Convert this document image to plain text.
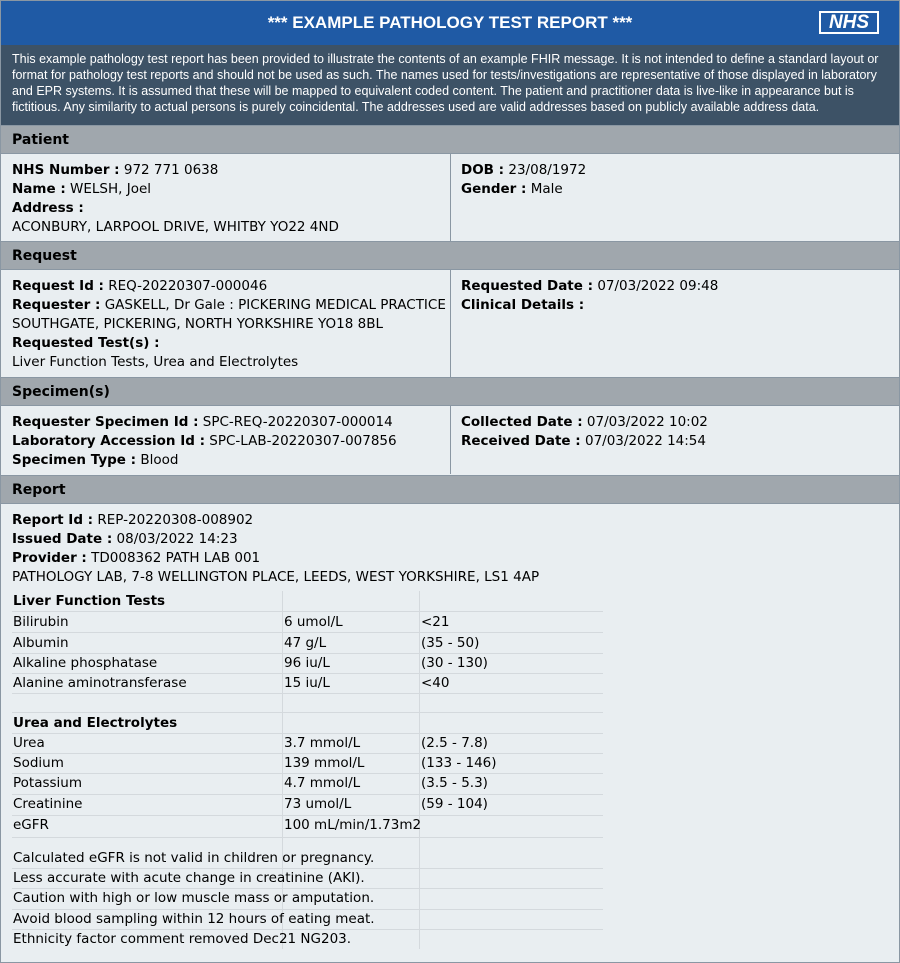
*** EXAMPLE PATHOLOGY TEST REPORT ***	NHS
This example pathology test report has been provided to illustrate the contents of an example FHIR message. It is not intended to define a standard layout or format for pathology test reports and should not be used as such. The names used for tests/investigations are representative of those displayed in laboratory and EPR systems. It is assumed that these will be mapped to equivalent coded content. The patient and practitioner data is live-like in appearance but is fictitious. Any similarity to actual persons is purely coincidental. The addresses used are valid addresses based on publicly available address data.
Patient
NHS Number : 972 771 0638
Name : WELSH, Joel
Address :
ACONBURY, LARPOOL DRIVE, WHITBY YO22 4ND
DOB : 23/08/1972
Gender : Male
Request
Request Id : REQ-20220307-000046
Requester : GASKELL, Dr Gale : PICKERING MEDICAL PRACTICE
SOUTHGATE, PICKERING, NORTH YORKSHIRE YO18 8BL
Requested Test(s) :
Liver Function Tests, Urea and Electrolytes
Requested Date : 07/03/2022 09:48
Clinical Details :
Specimen(s)
Requester Specimen Id : SPC-REQ-20220307-000014
Laboratory Accession Id : SPC-LAB-20220307-007856
Specimen Type : Blood
Collected Date : 07/03/2022 10:02
Received Date : 07/03/2022 14:54
Report
Report Id : REP-20220308-008902
Issued Date : 08/03/2022 14:23
Provider : TD008362 PATH LAB 001
PATHOLOGY LAB, 7-8 WELLINGTON PLACE, LEEDS, WEST YORKSHIRE, LS1 4AP
Liver Function Tests
Bilirubin	6 umol/L	<21
Albumin	47 g/L	(35 - 50)
Alkaline phosphatase	96 iu/L	(30 - 130)
Alanine aminotransferase	15 iu/L	<40
Urea and Electrolytes
Urea	3.7 mmol/L	(2.5 - 7.8)
Sodium	139 mmol/L	(133 - 146)
Potassium	4.7 mmol/L	(3.5 - 5.3)
Creatinine	73 umol/L	(59 - 104)
eGFR	100 mL/min/1.73m2
Calculated eGFR is not valid in children or pregnancy.
Less accurate with acute change in creatinine (AKI).
Caution with high or low muscle mass or amputation.
Avoid blood sampling within 12 hours of eating meat.
Ethnicity factor comment removed Dec21 NG203.
